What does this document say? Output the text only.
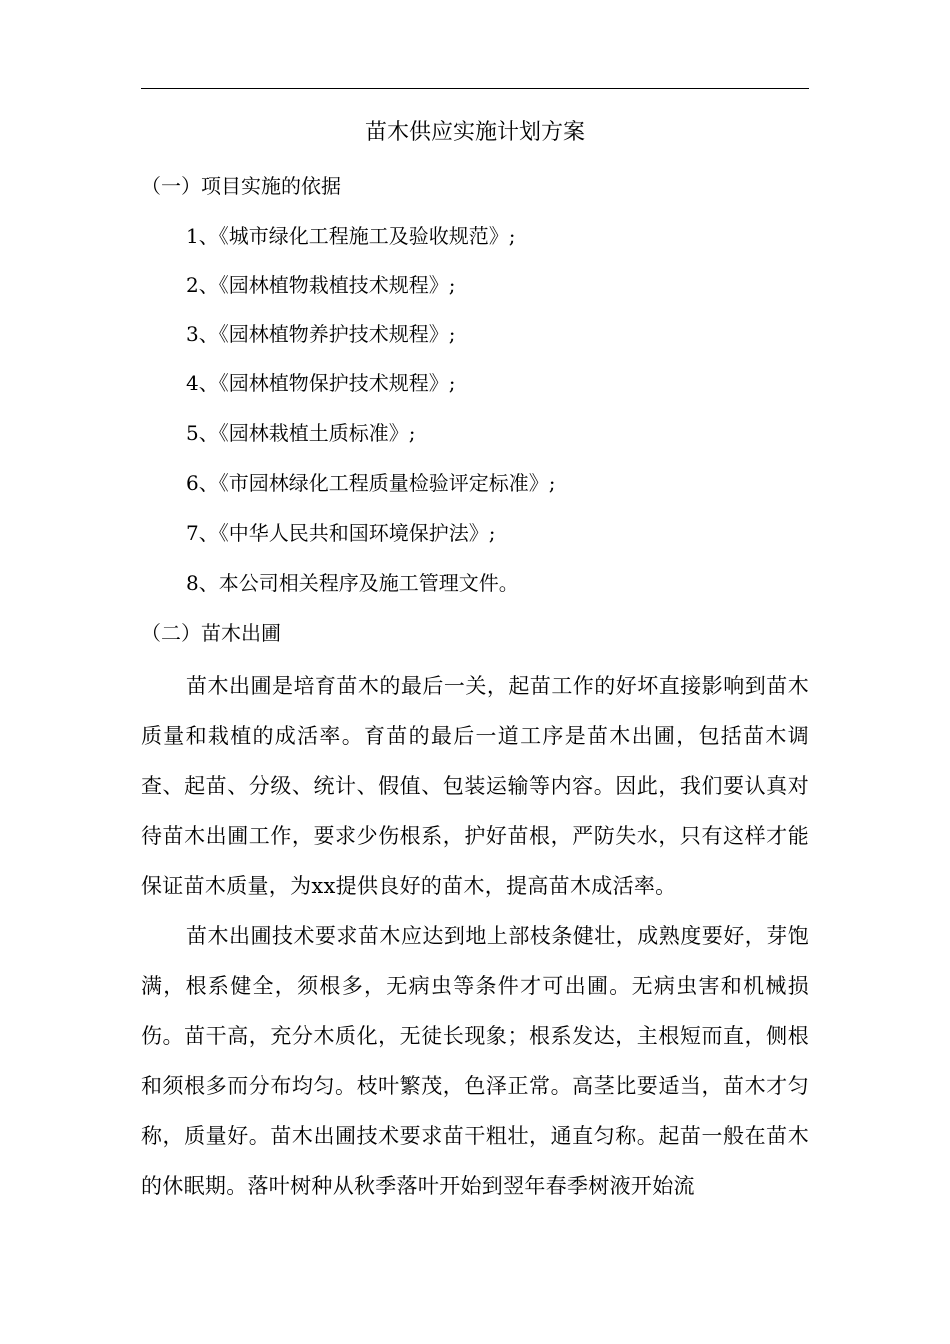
苗木供应实施计划方案
（一）项目实施的依据
1、《城市绿化工程施工及验收规范》;
2、《园林植物栽植技术规程》;
3、《园林植物养护技术规程》;
4、《园林植物保护技术规程》;
5、《园林栽植土质标准》;
6、《市园林绿化工程质量检验评定标准》;
7、《中华人民共和国环境保护法》;
8、本公司相关程序及施工管理文件。
（二）苗木出圃

苗木出圃是培育苗木的最后一关，起苗工作的好坏直接影响到苗木质量和栽植的成活率。育苗的最后一道工序是苗木出圃，包括苗木调查、起苗、分级、统计、假值、包装运输等内容。因此，我们要认真对待苗木出圃工作，要求少伤根系，护好苗根，严防失水，只有这样才能保证苗木质量，为xx提供良好的苗木，提高苗木成活率。

苗木出圃技术要求苗木应达到地上部枝条健壮，成熟度要好，芽饱满，根系健全，须根多，无病虫等条件才可出圃。无病虫害和机械损伤。苗干高，充分木质化，无徒长现象；根系发达，主根短而直，侧根和须根多而分布均匀。枝叶繁茂，色泽正常。高茎比要适当，苗木才匀称，质量好。苗木出圃技术要求苗干粗壮，通直匀称。起苗一般在苗木的休眠期。落叶树种从秋季落叶开始到翌年春季树液开始流
